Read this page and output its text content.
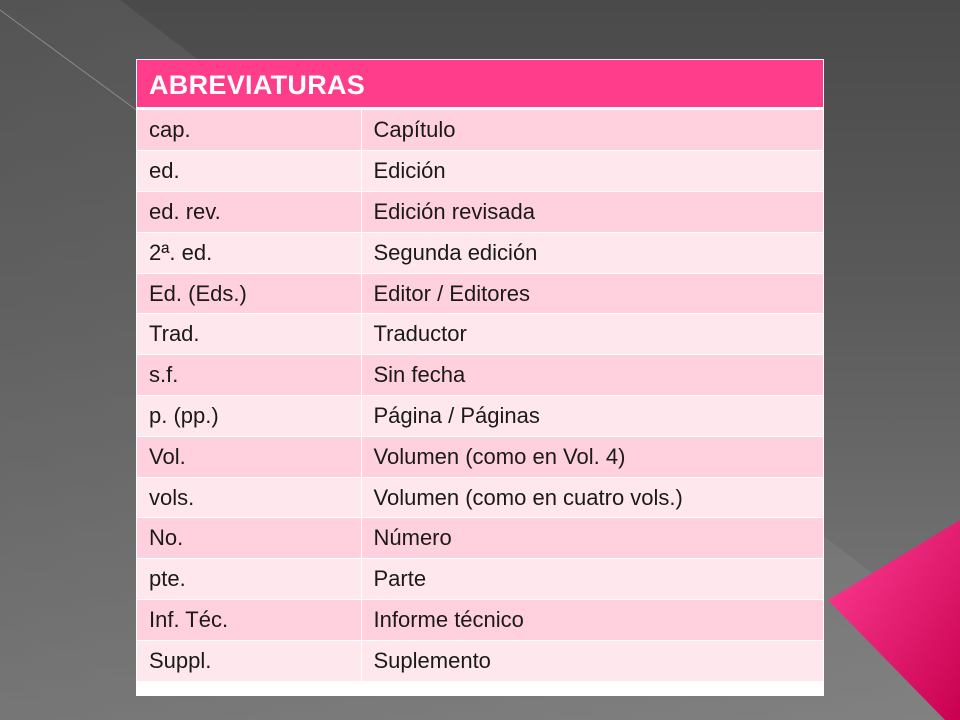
ABREVIATURAS
cap.	Capítulo
ed.	Edición
ed. rev.	Edición revisada
2ª. ed.	Segunda edición
Ed. (Eds.)	Editor / Editores
Trad.	Traductor
s.f.	Sin fecha
p. (pp.)	Página / Páginas
Vol.	Volumen (como en Vol. 4)
vols.	Volumen (como en cuatro vols.)
No.	Número
pte.	Parte
Inf. Téc.	Informe técnico
Suppl.	Suplemento
